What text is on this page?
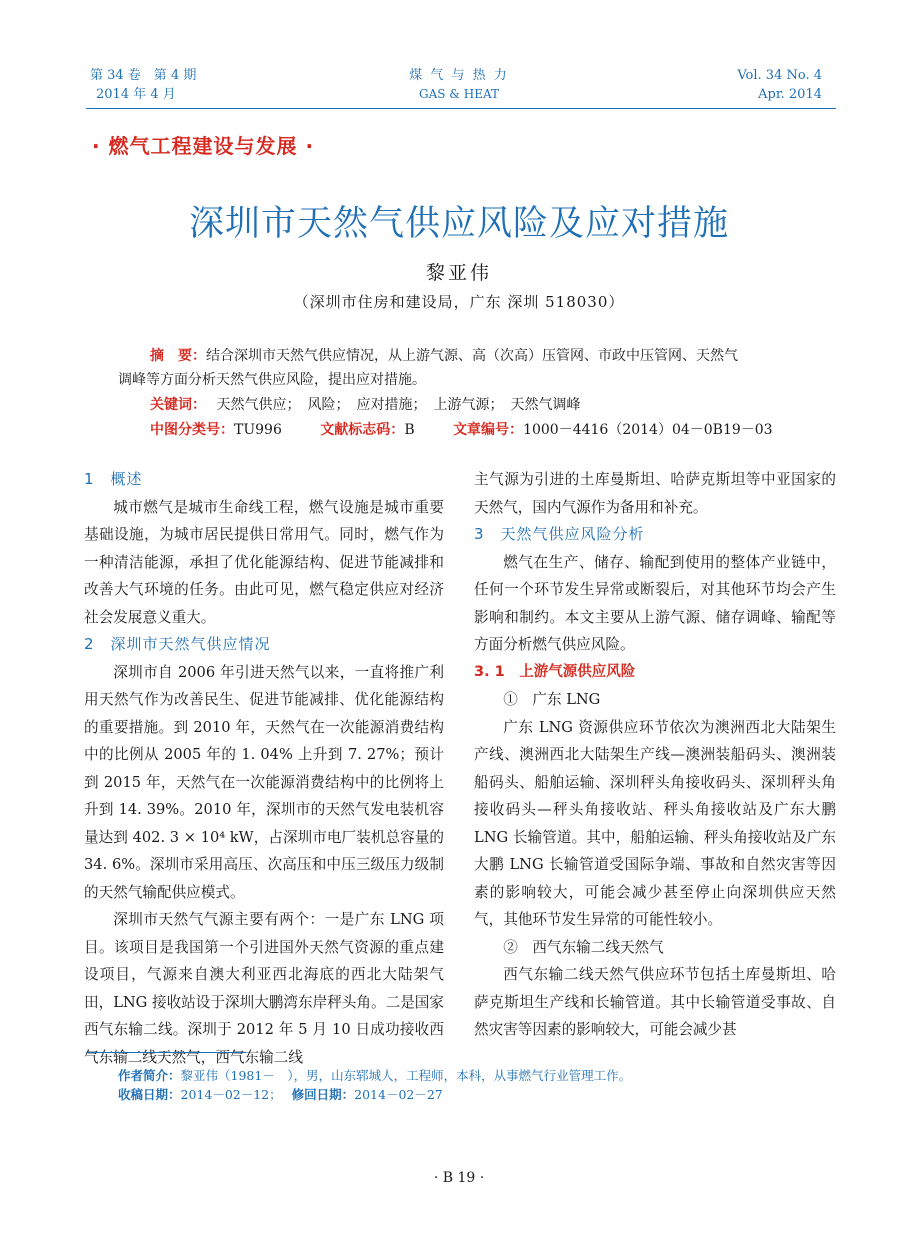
第 34 卷　第 4 期
2014 年 4 月
煤 气 与 热 力
GAS & HEAT
Vol. 34 No. 4
Apr. 2014
· 燃气工程建设与发展 ·
深圳市天然气供应风险及应对措施
黎亚伟
（深圳市住房和建设局，广东 深圳 518030）
摘　要：结合深圳市天然气供应情况，从上游气源、高（次高）压管网、市政中压管网、天然气
调峰等方面分析天然气供应风险，提出应对措施。
关键词： 天然气供应；　风险；　应对措施；　上游气源；　天然气调峰
中图分类号：TU996	文献标志码：B	文章编号：1000－4416（2014）04－0B19－03
1　概述

城市燃气是城市生命线工程，燃气设施是城市重要基础设施，为城市居民提供日常用气。同时，燃气作为一种清洁能源，承担了优化能源结构、促进节能减排和改善大气环境的任务。由此可见，燃气稳定供应对经济社会发展意义重大。

2　深圳市天然气供应情况

深圳市自 2006 年引进天然气以来，一直将推广利用天然气作为改善民生、促进节能减排、优化能源结构的重要措施。到 2010 年，天然气在一次能源消费结构中的比例从 2005 年的 1. 04% 上升到 7. 27%；预计到 2015 年，天然气在一次能源消费结构中的比例将上升到 14. 39%。2010 年，深圳市的天然气发电装机容量达到 402. 3 × 10⁴ kW，占深圳市电厂装机总容量的 34. 6%。深圳市采用高压、次高压和中压三级压力级制的天然气输配供应模式。

深圳市天然气气源主要有两个：一是广东 LNG 项目。该项目是我国第一个引进国外天然气资源的重点建设项目，气源来自澳大利亚西北海底的西北大陆架气田，LNG 接收站设于深圳大鹏湾东岸秤头角。二是国家西气东输二线。深圳于 2012 年 5 月 10 日成功接收西气东输二线天然气，西气东输二线

主气源为引进的土库曼斯坦、哈萨克斯坦等中亚国家的天然气，国内气源作为备用和补充。

3　天然气供应风险分析

燃气在生产、储存、输配到使用的整体产业链中，任何一个环节发生异常或断裂后，对其他环节均会产生影响和制约。本文主要从上游气源、储存调峰、输配等方面分析燃气供应风险。

3. 1　上游气源供应风险
①　广东 LNG

广东 LNG 资源供应环节依次为澳洲西北大陆架生产线、澳洲西北大陆架生产线—澳洲装船码头、澳洲装船码头、船舶运输、深圳秤头角接收码头、深圳秤头角接收码头—秤头角接收站、秤头角接收站及广东大鹏 LNG 长输管道。其中，船舶运输、秤头角接收站及广东大鹏 LNG 长输管道受国际争端、事故和自然灾害等因素的影响较大，可能会减少甚至停止向深圳供应天然气，其他环节发生异常的可能性较小。

②　西气东输二线天然气

西气东输二线天然气供应环节包括土库曼斯坦、哈萨克斯坦生产线和长输管道。其中长输管道受事故、自然灾害等因素的影响较大，可能会减少甚

作者简介：黎亚伟（1981－　），男，山东郓城人，工程师，本科，从事燃气行业管理工作。
收稿日期：2014－02－12； 修回日期：2014－02－27
· B 19 ·
